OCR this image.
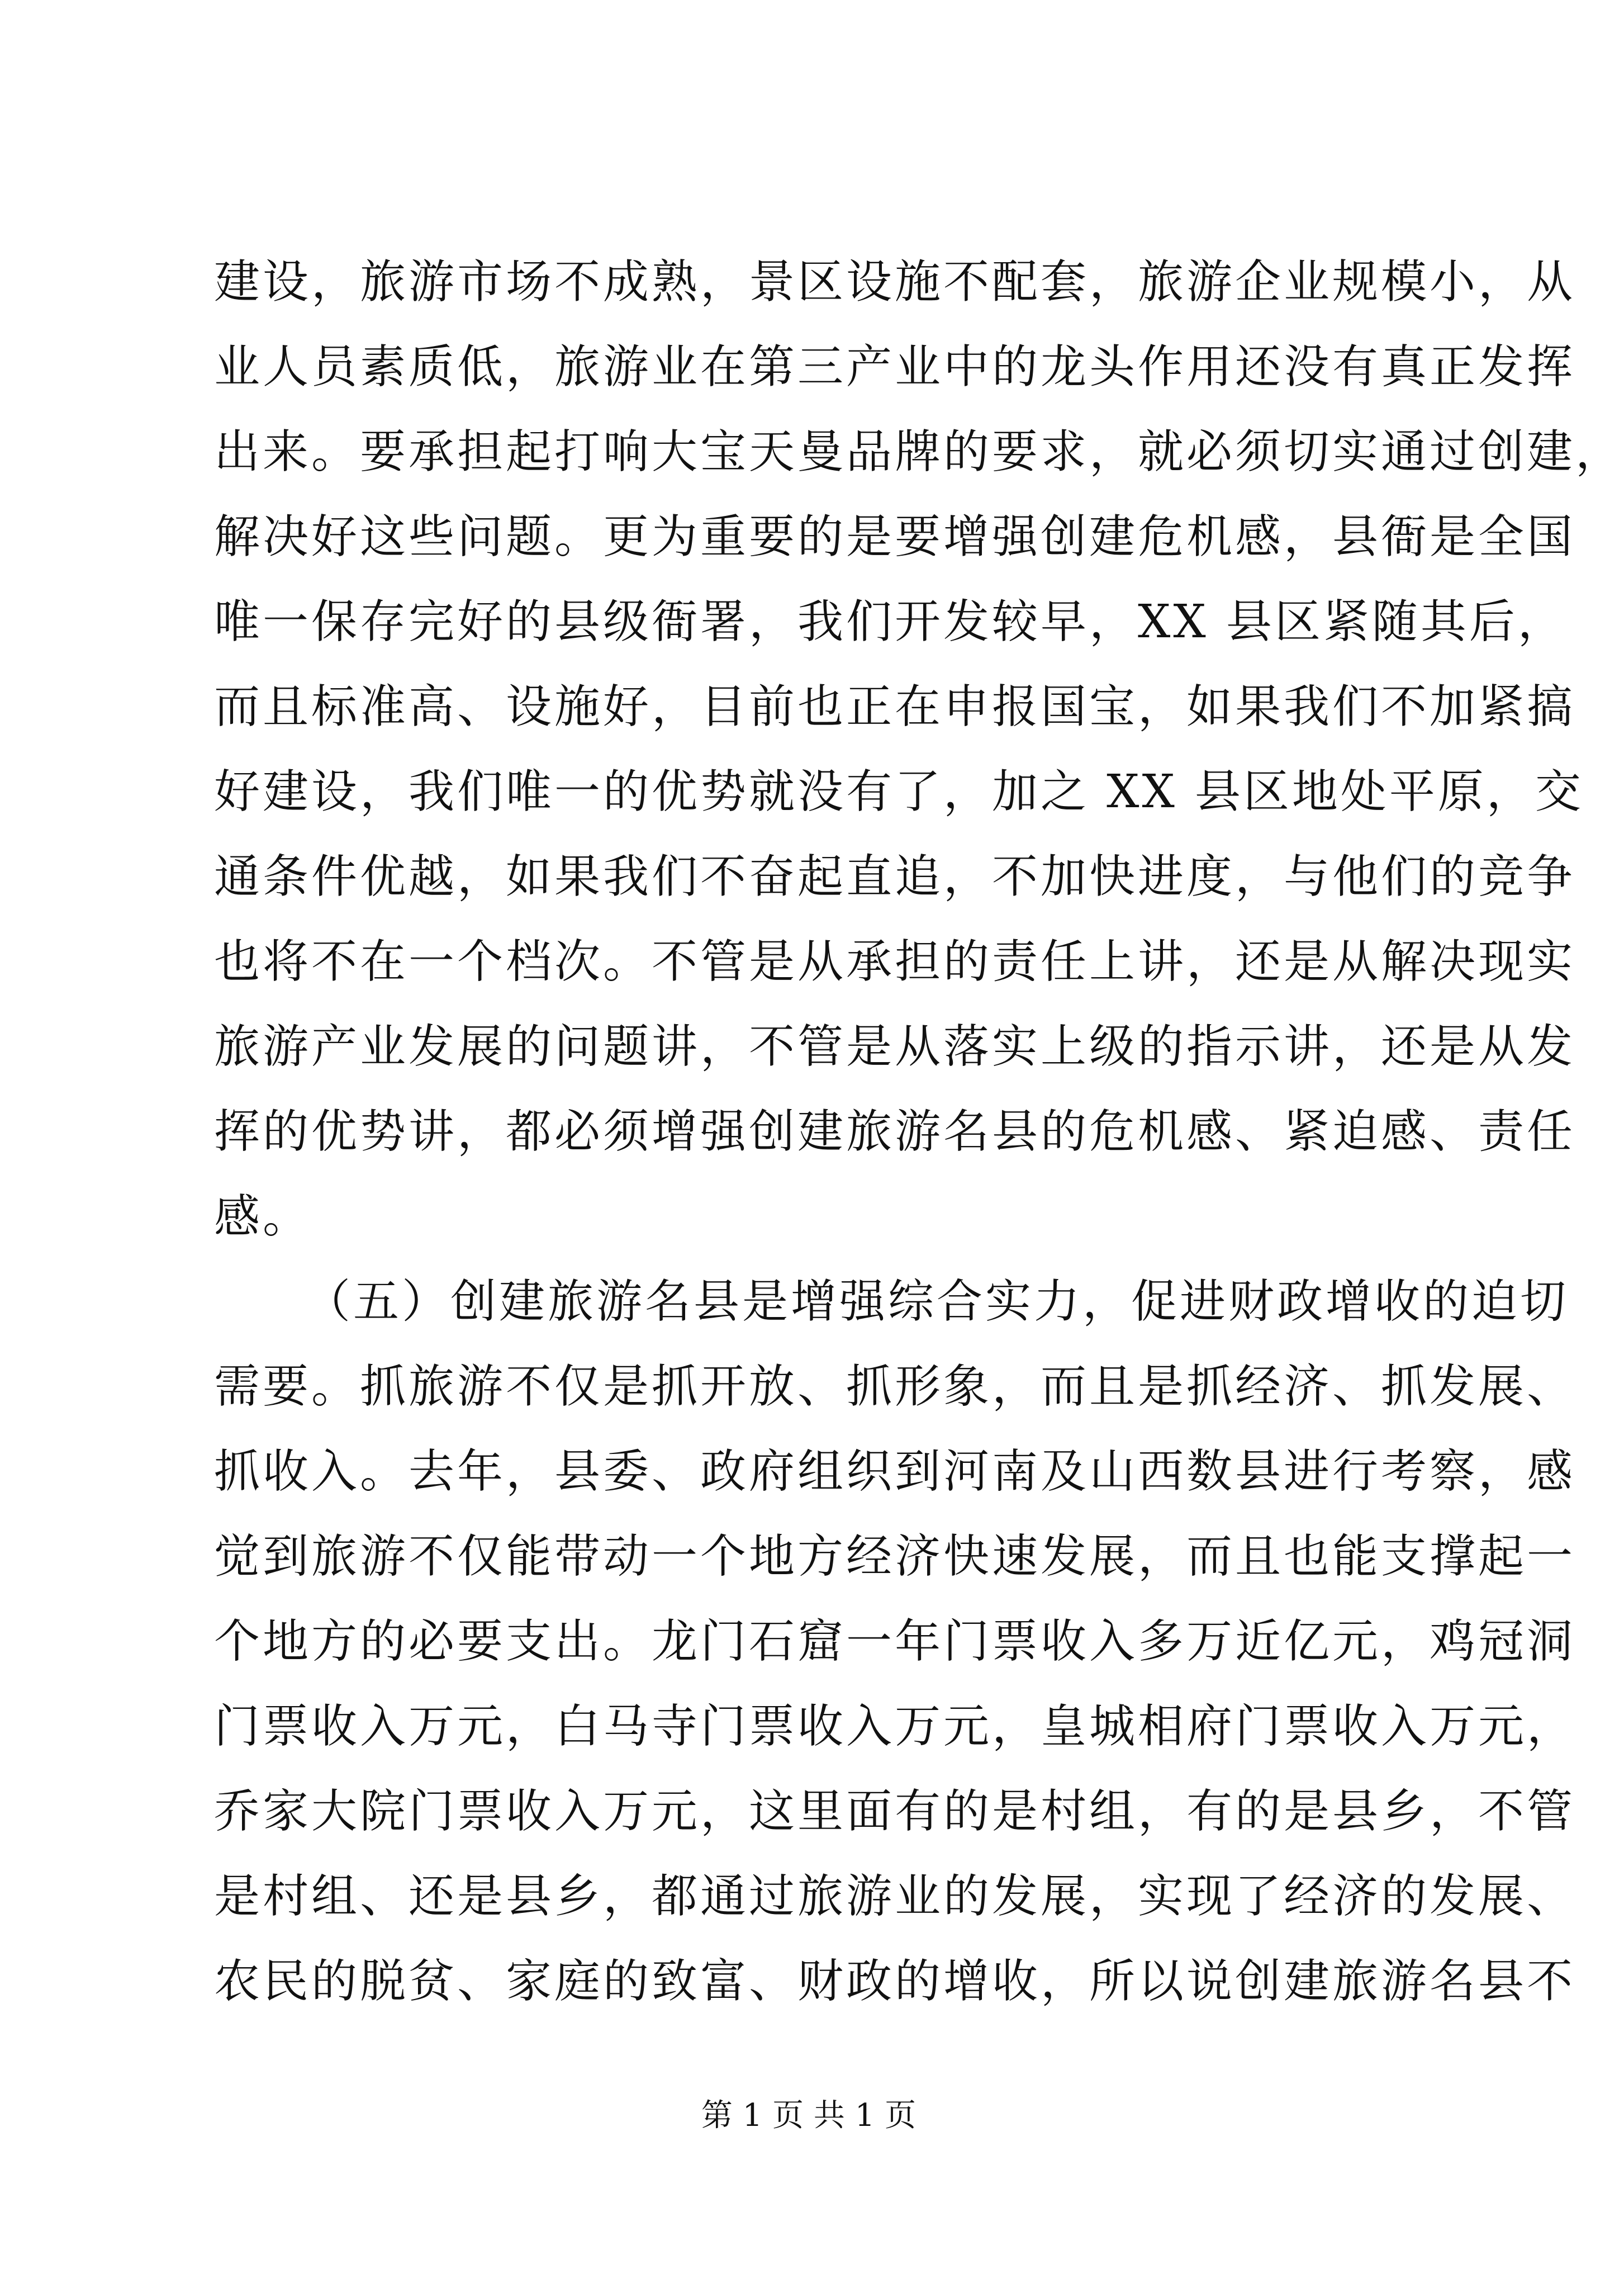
建设，旅游市场不成熟，景区设施不配套，旅游企业规模小，从
业人员素质低，旅游业在第三产业中的龙头作用还没有真正发挥
出来。要承担起打响大宝天曼品牌的要求，就必须切实通过创建，
解决好这些问题。更为重要的是要增强创建危机感，县衙是全国
唯一保存完好的县级衙署，我们开发较早，XX 县区紧随其后，
而且标准高、设施好，目前也正在申报国宝，如果我们不加紧搞
好建设，我们唯一的优势就没有了，加之 XX 县区地处平原，交
通条件优越，如果我们不奋起直追，不加快进度，与他们的竞争
也将不在一个档次。不管是从承担的责任上讲，还是从解决现实
旅游产业发展的问题讲，不管是从落实上级的指示讲，还是从发
挥的优势讲，都必须增强创建旅游名县的危机感、紧迫感、责任
感。
（五）创建旅游名县是增强综合实力，促进财政增收的迫切
需要。抓旅游不仅是抓开放、抓形象，而且是抓经济、抓发展、
抓收入。去年，县委、政府组织到河南及山西数县进行考察，感
觉到旅游不仅能带动一个地方经济快速发展，而且也能支撑起一
个地方的必要支出。龙门石窟一年门票收入多万近亿元，鸡冠洞
门票收入万元，白马寺门票收入万元，皇城相府门票收入万元，
乔家大院门票收入万元，这里面有的是村组，有的是县乡，不管
是村组、还是县乡，都通过旅游业的发展，实现了经济的发展、
农民的脱贫、家庭的致富、财政的增收，所以说创建旅游名县不
第 1 页 共 1 页
